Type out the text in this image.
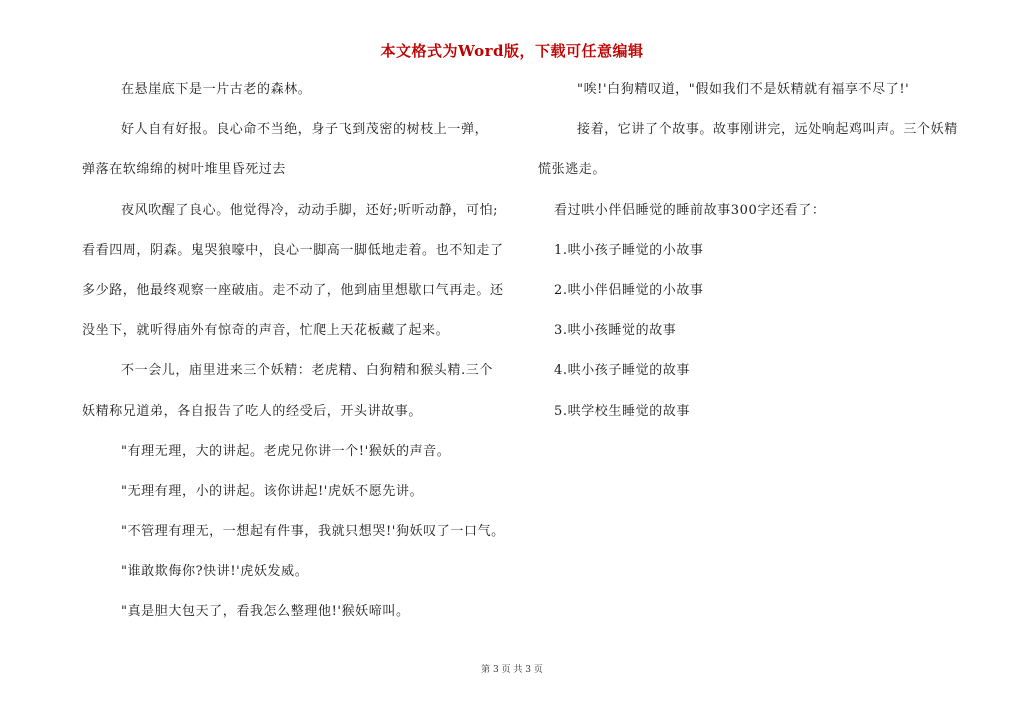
本文格式为Word版，下载可任意编辑
在悬崖底下是一片古老的森林。
好人自有好报。良心命不当绝，身子飞到茂密的树枝上一弹，
弹落在软绵绵的树叶堆里昏死过去
夜风吹醒了良心。他觉得冷，动动手脚，还好;听听动静，可怕;
看看四周，阴森。鬼哭狼嚎中，良心一脚高一脚低地走着。也不知走了
多少路，他最终观察一座破庙。走不动了，他到庙里想歇口气再走。还
没坐下，就听得庙外有惊奇的声音，忙爬上天花板藏了起来。
不一会儿，庙里进来三个妖精：老虎精、白狗精和猴头精.三个
妖精称兄道弟，各自报告了吃人的经受后，开头讲故事。
"有理无理，大的讲起。老虎兄你讲一个!'猴妖的声音。
"无理有理，小的讲起。该你讲起!'虎妖不愿先讲。
"不管理有理无，一想起有件事，我就只想哭!'狗妖叹了一口气。
"谁敢欺侮你?快讲!'虎妖发威。
"真是胆大包天了，看我怎么整理他!'猴妖啼叫。
"唉!'白狗精叹道，"假如我们不是妖精就有福享不尽了!'
接着，它讲了个故事。故事刚讲完，远处响起鸡叫声。三个妖精
慌张逃走。
看过哄小伴侣睡觉的睡前故事300字还看了：
1.哄小孩子睡觉的小故事
2.哄小伴侣睡觉的小故事
3.哄小孩睡觉的故事
4.哄小孩子睡觉的故事
5.哄学校生睡觉的故事
第 3 页 共 3 页
